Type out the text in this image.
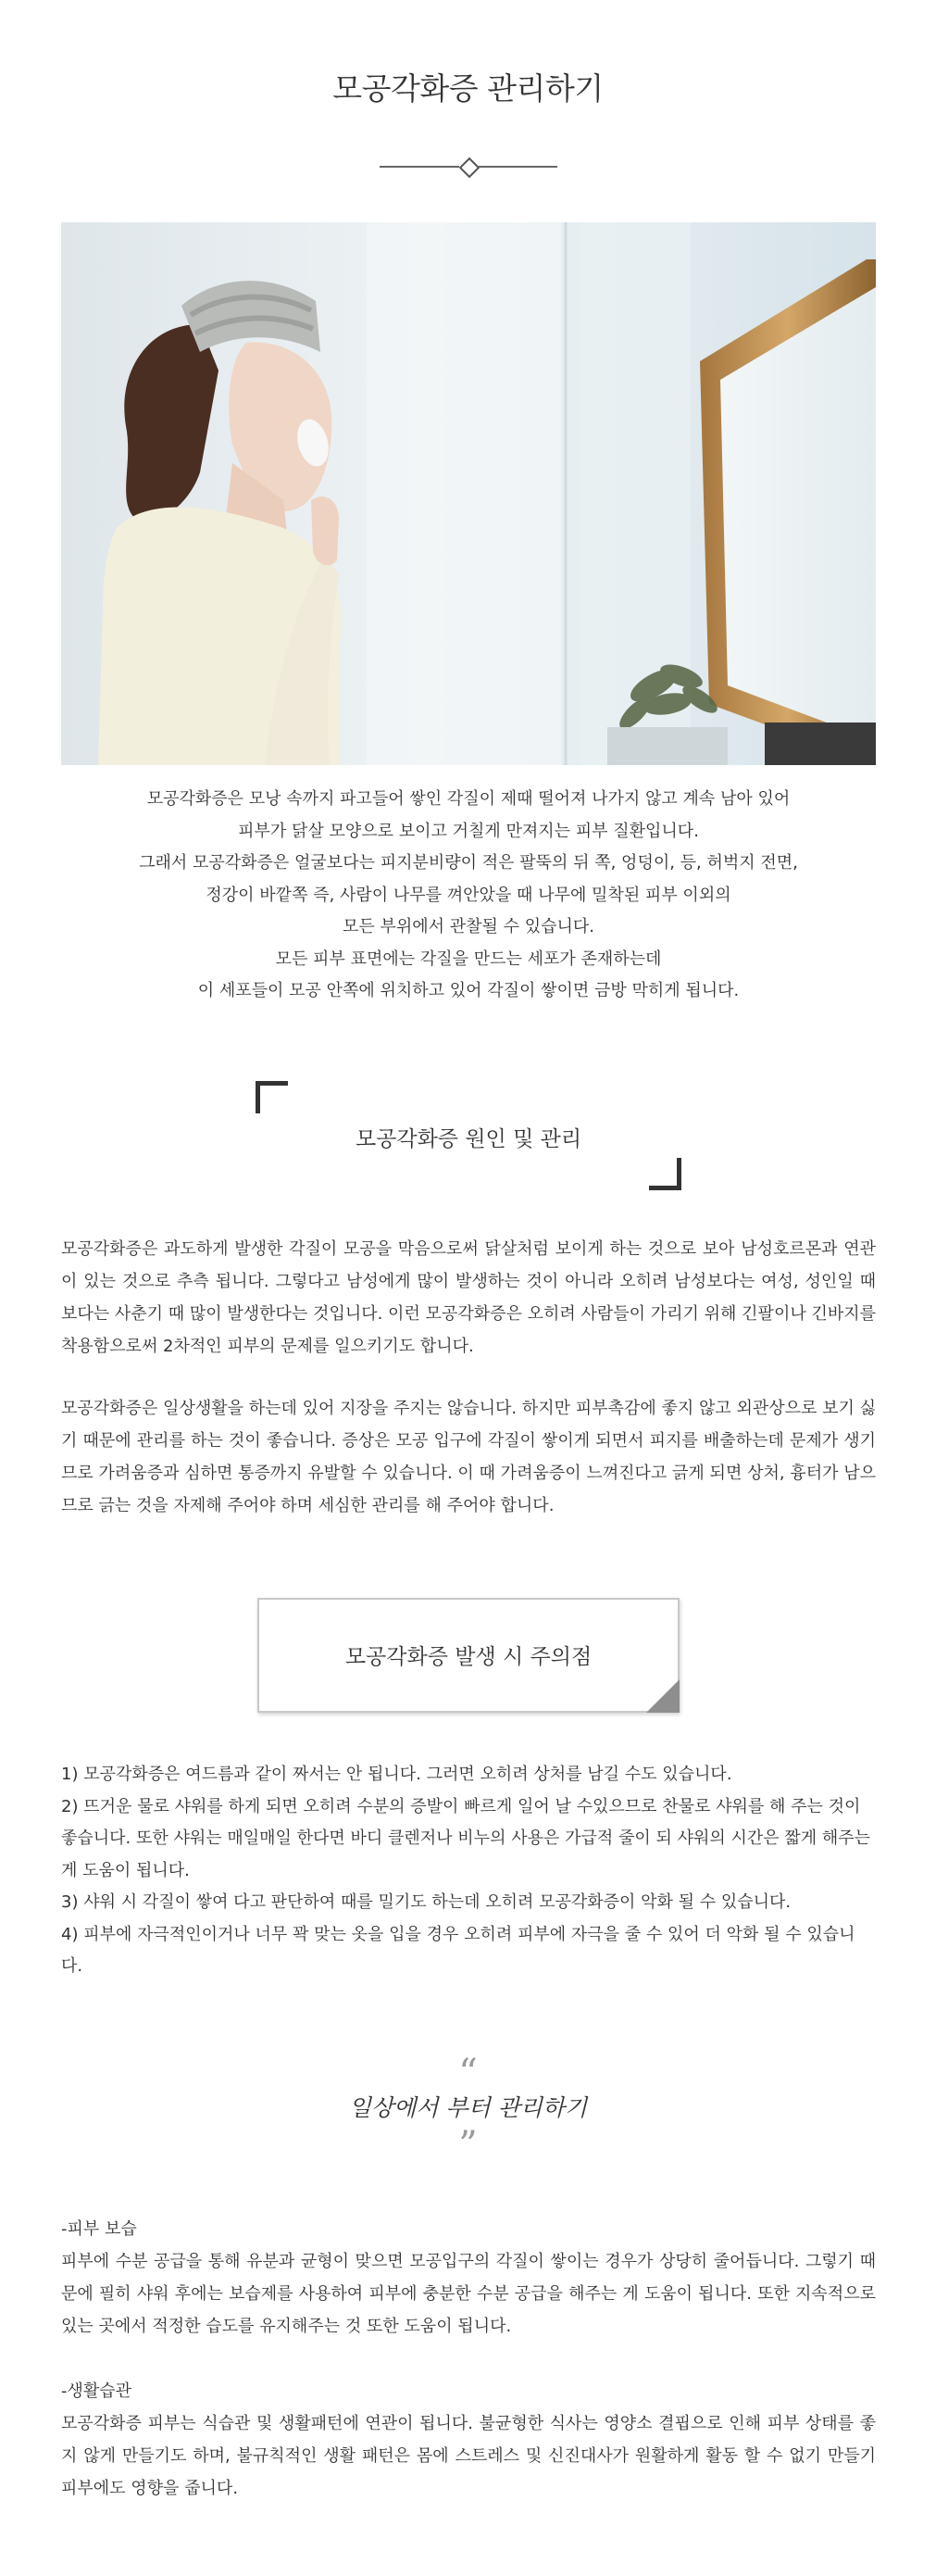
모공각화증 관리하기

모공각화증은 모낭 속까지 파고들어 쌓인 각질이 제때 떨어져 나가지 않고 계속 남아 있어

피부가 닭살 모양으로 보이고 거칠게 만져지는 피부 질환입니다.

그래서 모공각화증은 얼굴보다는 피지분비량이 적은 팔뚝의 뒤 쪽, 엉덩이, 등, 허벅지 전면,

정강이 바깥쪽 즉, 사람이 나무를 껴안았을 때 나무에 밀착된 피부 이외의

모든 부위에서 관찰될 수 있습니다.

모든 피부 표면에는 각질을 만드는 세포가 존재하는데

이 세포들이 모공 안쪽에 위치하고 있어 각질이 쌓이면 금방 막히게 됩니다.

모공각화증 원인 및 관리

모공각화증은 과도하게 발생한 각질이 모공을 막음으로써 닭살처럼 보이게 하는 것으로 보아 남성호르몬과 연관이 있는 것으로 추측 됩니다. 그렇다고 남성에게 많이 발생하는 것이 아니라 오히려 남성보다는 여성, 성인일 때 보다는 사춘기 때 많이 발생한다는 것입니다. 이런 모공각화증은 오히려 사람들이 가리기 위해 긴팔이나 긴바지를 착용함으로써 2차적인 피부의 문제를 일으키기도 합니다.

모공각화증은 일상생활을 하는데 있어 지장을 주지는 않습니다. 하지만 피부촉감에 좋지 않고 외관상으로 보기 싫기 때문에 관리를 하는 것이 좋습니다. 증상은 모공 입구에 각질이 쌓이게 되면서 피지를 배출하는데 문제가 생기므로 가려움증과 심하면 통증까지 유발할 수 있습니다. 이 때 가려움증이 느껴진다고 긁게 되면 상처, 흉터가 남으므로 긁는 것을 자제해 주어야 하며 세심한 관리를 해 주어야 합니다.

모공각화증 발생 시 주의점

1) 모공각화증은 여드름과 같이 짜서는 안 됩니다. 그러면 오히려 상처를 남길 수도 있습니다.

2) 뜨거운 물로 샤워를 하게 되면 오히려 수분의 증발이 빠르게 일어 날 수있으므로 찬물로 샤워를 해 주는 것이 좋습니다. 또한 샤워는 매일매일 한다면 바디 클렌저나 비누의 사용은 가급적 줄이 되 샤워의 시간은 짧게 해주는 게 도움이 됩니다.

3) 샤워 시 각질이 쌓여 다고 판단하여 때를 밀기도 하는데 오히려 모공각화증이 악화 될 수 있습니다.

4) 피부에 자극적인이거나 너무 꽉 맞는 옷을 입을 경우 오히려 피부에 자극을 줄 수 있어 더 악화 될 수 있습니다.

“
일상에서 부터 관리하기
”

-피부 보습

피부에 수분 공급을 통해 유분과 균형이 맞으면 모공입구의 각질이 쌓이는 경우가 상당히 줄어듭니다. 그렇기 때문에 필히 샤워 후에는 보습제를 사용하여 피부에 충분한 수분 공급을 해주는 게 도움이 됩니다. 또한 지속적으로 있는 곳에서 적정한 습도를 유지해주는 것 또한 도움이 됩니다.

-생활습관

모공각화증 피부는 식습관 및 생활패턴에 연관이 됩니다. 불균형한 식사는 영양소 결핍으로 인해 피부 상태를 좋지 않게 만들기도 하며, 불규칙적인 생활 패턴은 몸에 스트레스 및 신진대사가 원활하게 활동 할 수 없기 만들기 피부에도 영향을 줍니다.
